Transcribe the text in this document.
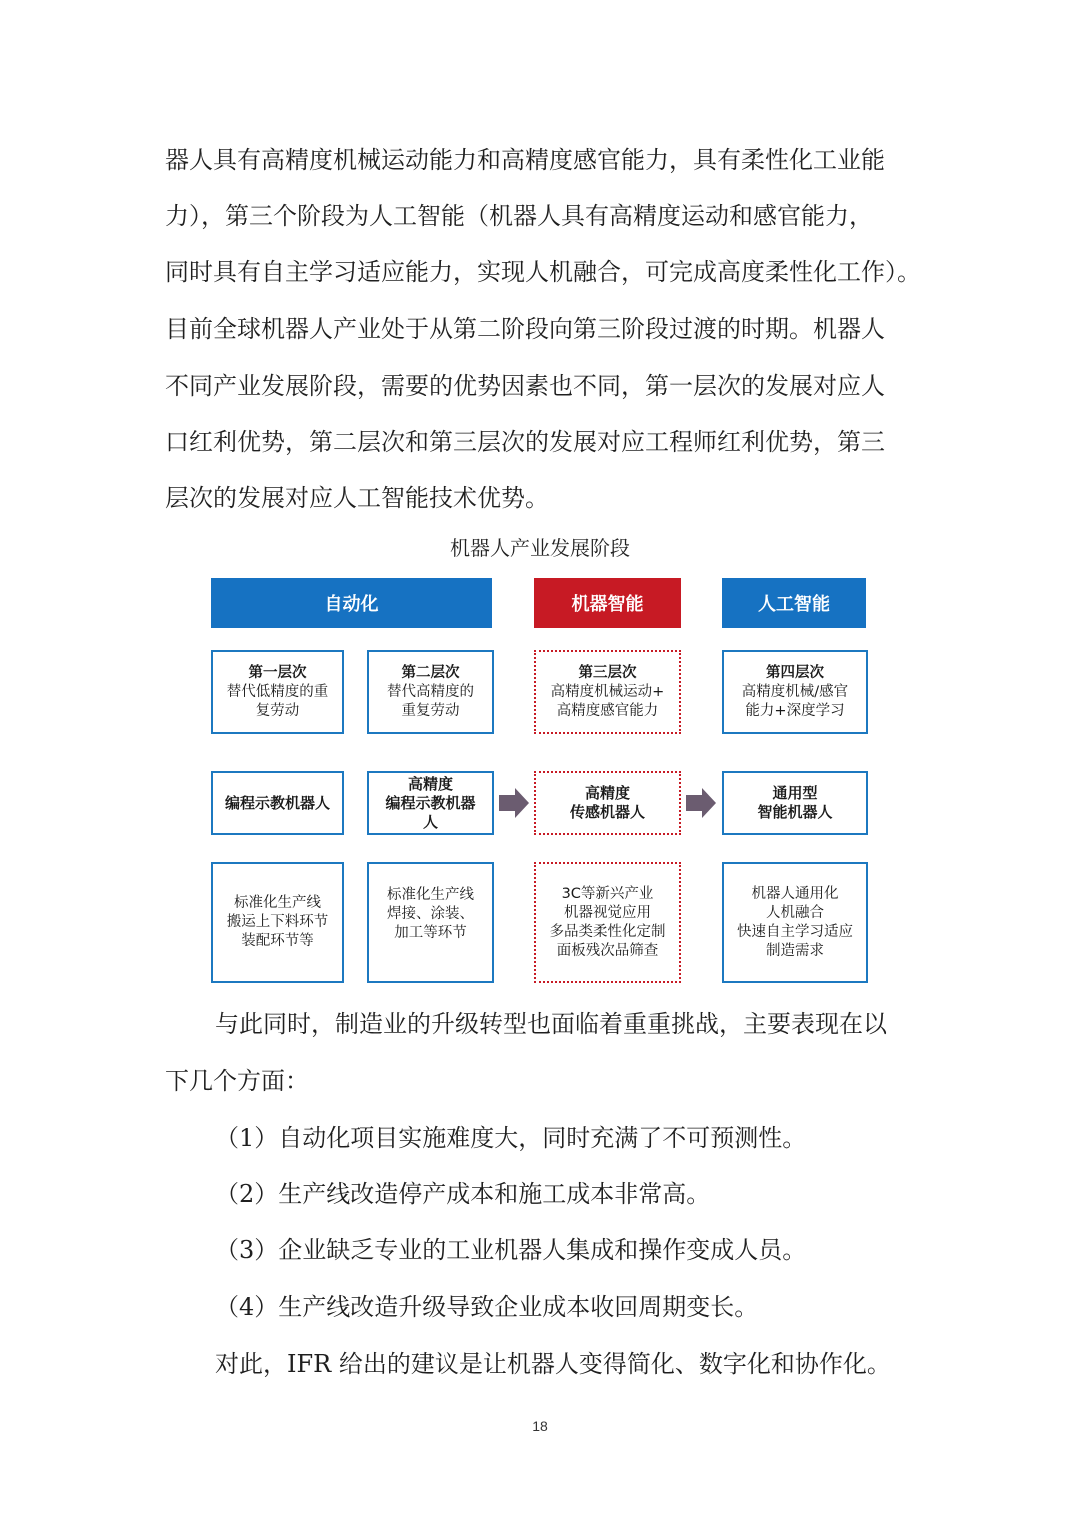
器人具有高精度机械运动能力和高精度感官能力，具有柔性化工业能

力），第三个阶段为人工智能（机器人具有高精度运动和感官能力，

同时具有自主学习适应能力，实现人机融合，可完成高度柔性化工作）。

目前全球机器人产业处于从第二阶段向第三阶段过渡的时期。机器人

不同产业发展阶段，需要的优势因素也不同，第一层次的发展对应人

口红利优势，第二层次和第三层次的发展对应工程师红利优势，第三

层次的发展对应人工智能技术优势。

机器人产业发展阶段
自动化	机器智能	人工智能
第一层次
替代低精度的重
复劳动
第二层次
替代高精度的
重复劳动
第三层次
高精度机械运动+
高精度感官能力
第四层次
高精度机械/感官
能力+深度学习
编程示教机器人
高精度
编程示教机器
人
高精度
传感机器人
通用型
智能机器人
标准化生产线
搬运上下料环节
装配环节等
标准化生产线
焊接、涂装、
加工等环节
3C等新兴产业
机器视觉应用
多品类柔性化定制
面板残次品筛查
机器人通用化
人机融合
快速自主学习适应
制造需求

与此同时，制造业的升级转型也面临着重重挑战，主要表现在以

下几个方面：

（1）自动化项目实施难度大，同时充满了不可预测性。

（2）生产线改造停产成本和施工成本非常高。

（3）企业缺乏专业的工业机器人集成和操作变成人员。

（4）生产线改造升级导致企业成本收回周期变长。

对此，IFR 给出的建议是让机器人变得简化、数字化和协作化。

18
